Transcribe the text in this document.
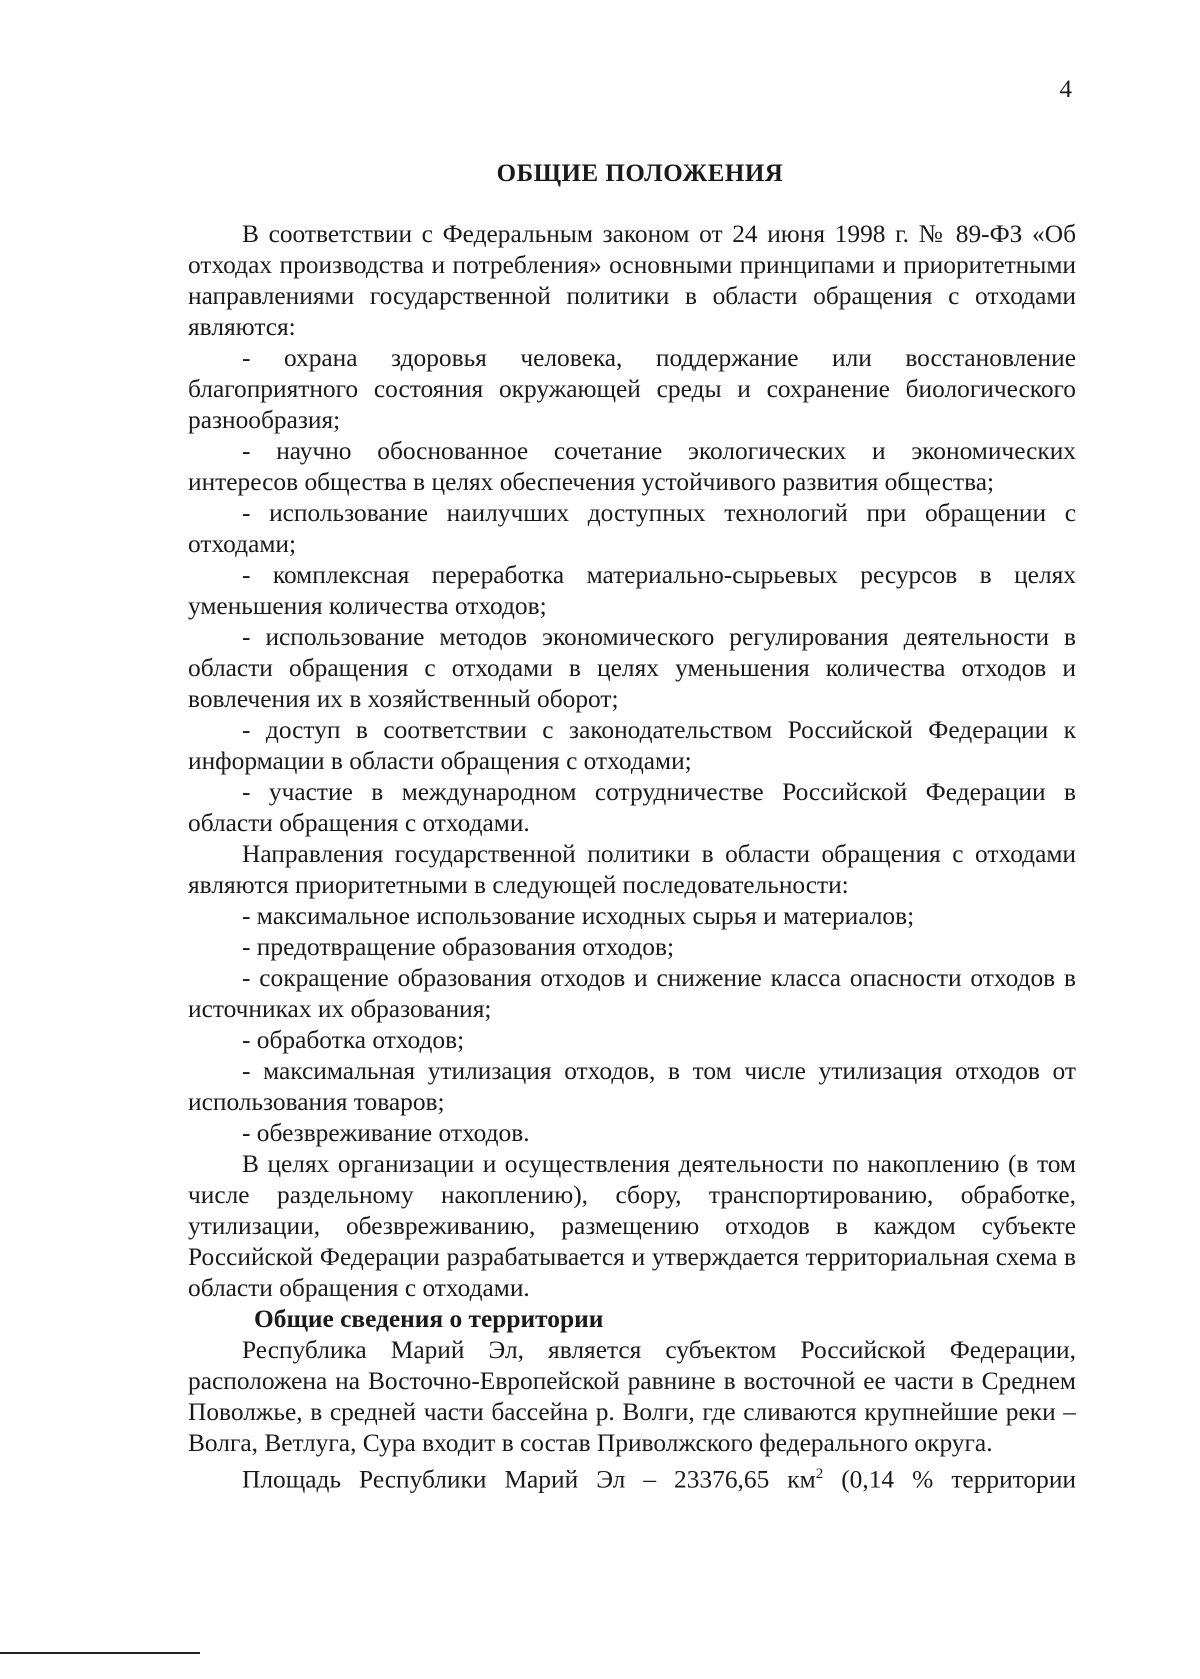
4
ОБЩИЕ ПОЛОЖЕНИЯ

В соответствии с Федеральным законом от 24 июня 1998 г. № 89-ФЗ «Об отходах производства и потребления» основными принципами и приоритетными направлениями государственной политики в области обращения с отходами являются:

- охрана здоровья человека, поддержание или восстановление благоприятного состояния окружающей среды и сохранение биологического разнообразия;

- научно обоснованное сочетание экологических и экономических интересов общества в целях обеспечения устойчивого развития общества;

- использование наилучших доступных технологий при обращении с отходами;

- комплексная переработка материально-сырьевых ресурсов в целях уменьшения количества отходов;

- использование методов экономического регулирования деятельности в области обращения с отходами в целях уменьшения количества отходов и вовлечения их в хозяйственный оборот;

- доступ в соответствии с законодательством Российской Федерации к информации в области обращения с отходами;

- участие в международном сотрудничестве Российской Федерации в области обращения с отходами.

Направления государственной политики в области обращения с отходами являются приоритетными в следующей последовательности:

- максимальное использование исходных сырья и материалов;

- предотвращение образования отходов;

- сокращение образования отходов и снижение класса опасности отходов в источниках их образования;

- обработка отходов;

- максимальная утилизация отходов, в том числе утилизация отходов от использования товаров;

- обезвреживание отходов.

В целях организации и осуществления деятельности по накоплению (в том числе раздельному накоплению), сбору, транспортированию, обработке, утилизации, обезвреживанию, размещению отходов в каждом субъекте Российской Федерации разрабатывается и утверждается территориальная схема в области обращения с отходами.

Общие сведения о территории

Республика Марий Эл, является субъектом Российской Федерации, расположена на Восточно-Европейской равнине в восточной ее части в Среднем Поволжье, в средней части бассейна р. Волги, где сливаются крупнейшие реки – Волга, Ветлуга, Сура входит в состав Приволжского федерального округа.

Площадь Республики Марий Эл – 23376,65 $км^2$ (0,14 % территории
